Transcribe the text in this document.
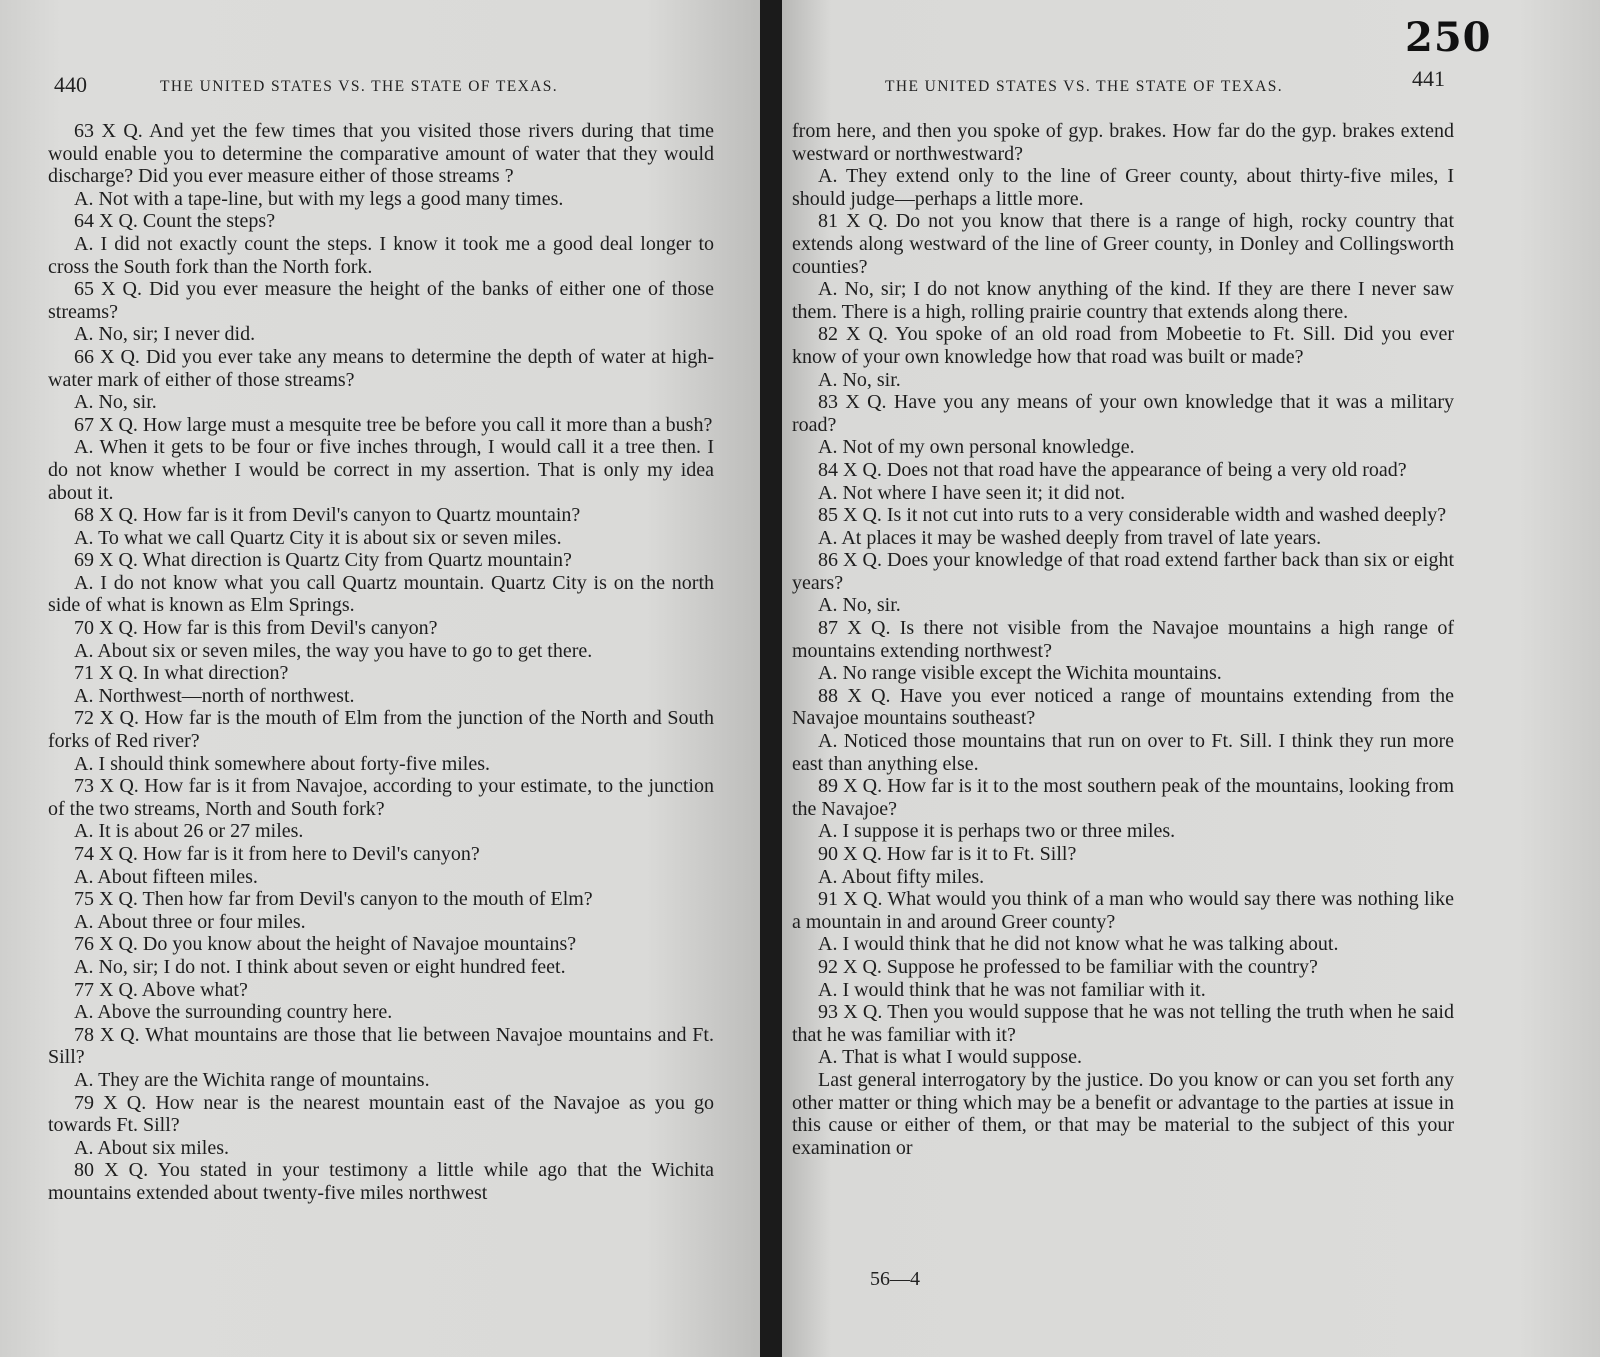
440	THE UNITED STATES VS. THE STATE OF TEXAS.

63 X Q. And yet the few times that you visited those rivers during that time would enable you to determine the comparative amount of water that they would discharge? Did you ever measure either of those streams ?

A. Not with a tape-line, but with my legs a good many times.

64 X Q. Count the steps?

A. I did not exactly count the steps. I know it took me a good deal longer to cross the South fork than the North fork.

65 X Q. Did you ever measure the height of the banks of either one of those streams?

A. No, sir; I never did.

66 X Q. Did you ever take any means to determine the depth of water at high-water mark of either of those streams?

A. No, sir.

67 X Q. How large must a mesquite tree be before you call it more than a bush?

A. When it gets to be four or five inches through, I would call it a tree then. I do not know whether I would be correct in my assertion. That is only my idea about it.

68 X Q. How far is it from Devil's canyon to Quartz mountain?

A. To what we call Quartz City it is about six or seven miles.

69 X Q. What direction is Quartz City from Quartz mountain?

A. I do not know what you call Quartz mountain. Quartz City is on the north side of what is known as Elm Springs.

70 X Q. How far is this from Devil's canyon?

A. About six or seven miles, the way you have to go to get there.

71 X Q. In what direction?

A. Northwest—north of northwest.

72 X Q. How far is the mouth of Elm from the junction of the North and South forks of Red river?

A. I should think somewhere about forty-five miles.

73 X Q. How far is it from Navajoe, according to your estimate, to the junction of the two streams, North and South fork?

A. It is about 26 or 27 miles.

74 X Q. How far is it from here to Devil's canyon?

A. About fifteen miles.

75 X Q. Then how far from Devil's canyon to the mouth of Elm?

A. About three or four miles.

76 X Q. Do you know about the height of Navajoe mountains?

A. No, sir; I do not. I think about seven or eight hundred feet.

77 X Q. Above what?

A. Above the surrounding country here.

78 X Q. What mountains are those that lie between Navajoe mountains and Ft. Sill?

A. They are the Wichita range of mountains.

79 X Q. How near is the nearest mountain east of the Navajoe as you go towards Ft. Sill?

A. About six miles.

80 X Q. You stated in your testimony a little while ago that the Wichita mountains extended about twenty-five miles northwest

250
THE UNITED STATES VS. THE STATE OF TEXAS.	441

from here, and then you spoke of gyp. brakes. How far do the gyp. brakes extend westward or northwestward?

A. They extend only to the line of Greer county, about thirty-five miles, I should judge—perhaps a little more.

81 X Q. Do not you know that there is a range of high, rocky country that extends along westward of the line of Greer county, in Donley and Collingsworth counties?

A. No, sir; I do not know anything of the kind. If they are there I never saw them. There is a high, rolling prairie country that extends along there.

82 X Q. You spoke of an old road from Mobeetie to Ft. Sill. Did you ever know of your own knowledge how that road was built or made?

A. No, sir.

83 X Q. Have you any means of your own knowledge that it was a military road?

A. Not of my own personal knowledge.

84 X Q. Does not that road have the appearance of being a very old road?

A. Not where I have seen it; it did not.

85 X Q. Is it not cut into ruts to a very considerable width and washed deeply?

A. At places it may be washed deeply from travel of late years.

86 X Q. Does your knowledge of that road extend farther back than six or eight years?

A. No, sir.

87 X Q. Is there not visible from the Navajoe mountains a high range of mountains extending northwest?

A. No range visible except the Wichita mountains.

88 X Q. Have you ever noticed a range of mountains extending from the Navajoe mountains southeast?

A. Noticed those mountains that run on over to Ft. Sill. I think they run more east than anything else.

89 X Q. How far is it to the most southern peak of the mountains, looking from the Navajoe?

A. I suppose it is perhaps two or three miles.

90 X Q. How far is it to Ft. Sill?

A. About fifty miles.

91 X Q. What would you think of a man who would say there was nothing like a mountain in and around Greer county?

A. I would think that he did not know what he was talking about.

92 X Q. Suppose he professed to be familiar with the country?

A. I would think that he was not familiar with it.

93 X Q. Then you would suppose that he was not telling the truth when he said that he was familiar with it?

A. That is what I would suppose.

Last general interrogatory by the justice. Do you know or can you set forth any other matter or thing which may be a benefit or advantage to the parties at issue in this cause or either of them, or that may be material to the subject of this your examination or

56—4
